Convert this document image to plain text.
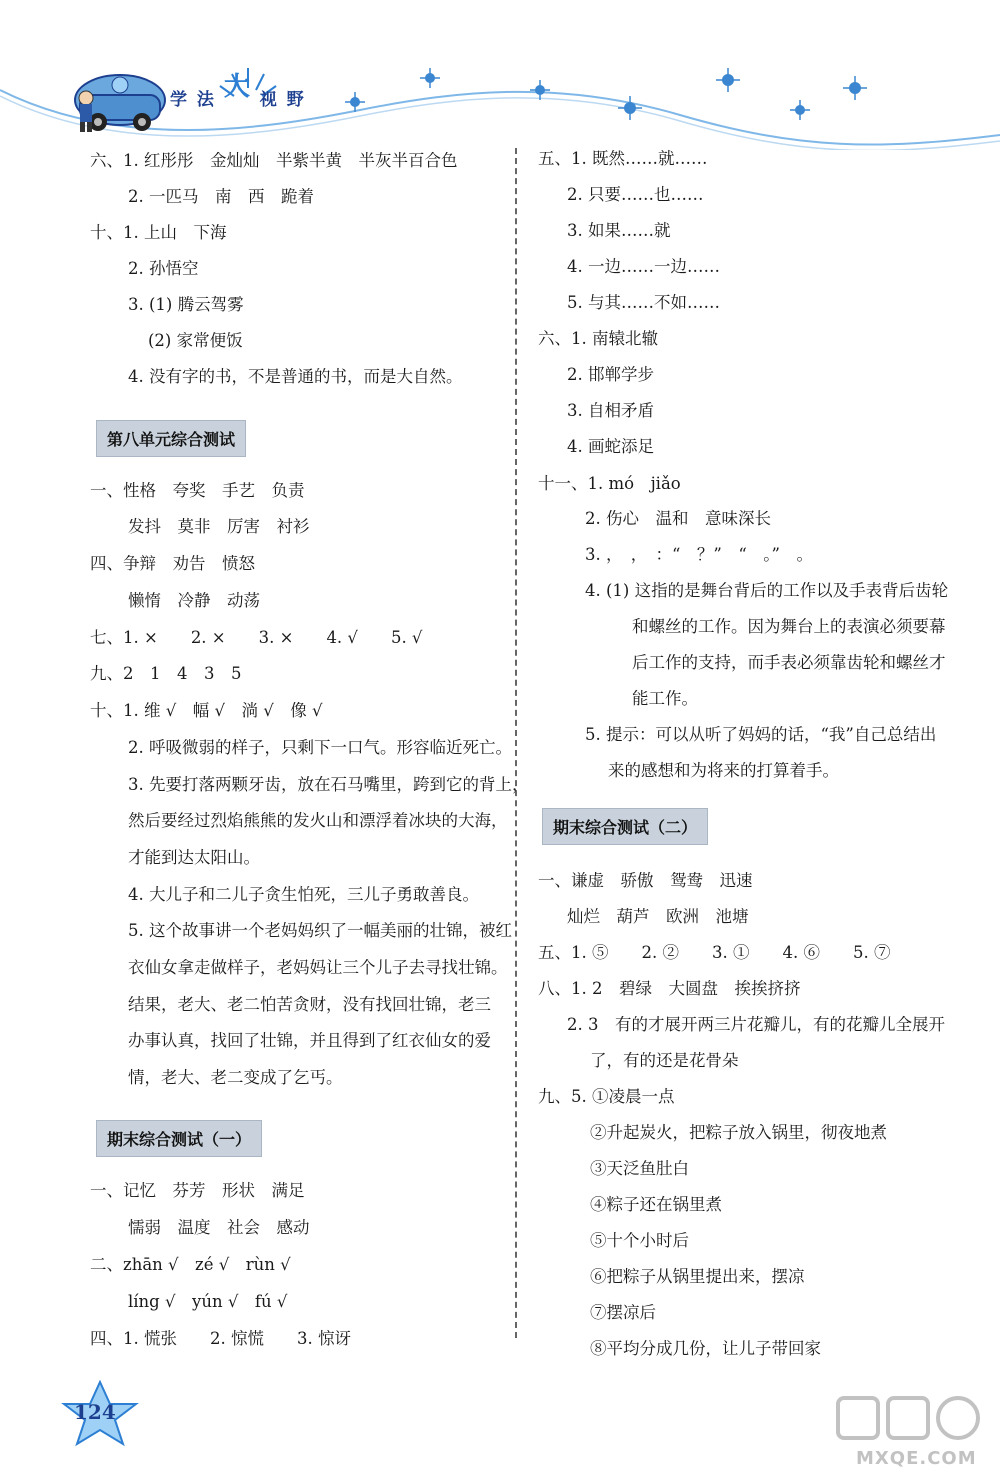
学 法 大 视 野
六、1. 红彤彤　金灿灿　半紫半黄　半灰半百合色
2. 一匹马　南　西　跪着
十、1. 上山　下海
2. 孙悟空
3. (1) 腾云驾雾
(2) 家常便饭
4. 没有字的书，不是普通的书，而是大自然。
第八单元综合测试
一、性格　夸奖　手艺　负责
发抖　莫非　厉害　衬衫
四、争辩　劝告　愤怒
懒惰　冷静　动荡
七、1. ×　　2. ×　　3. ×　　4. √　　5. √
九、2　1　4　3　5
十、1. 维 √　幅 √　淌 √　像 √
2. 呼吸微弱的样子，只剩下一口气。形容临近死亡。
3. 先要打落两颗牙齿，放在石马嘴里，跨到它的背上，
然后要经过烈焰熊熊的发火山和漂浮着冰块的大海，
才能到达太阳山。
4. 大儿子和二儿子贪生怕死，三儿子勇敢善良。
5. 这个故事讲一个老妈妈织了一幅美丽的壮锦，被红
衣仙女拿走做样子，老妈妈让三个儿子去寻找壮锦。
结果，老大、老二怕苦贪财，没有找回壮锦，老三
办事认真，找回了壮锦，并且得到了红衣仙女的爱
情，老大、老二变成了乞丐。
期末综合测试（一）
一、记忆　芬芳　形状　满足
懦弱　温度　社会　感动
二、zhān √　zé √　rùn √
líng √　yún √　fú √
四、1. 慌张　　2. 惊慌　　3. 惊讶
五、1. 既然……就……
2. 只要……也……
3. 如果……就
4. 一边……一边……
5. 与其……不如……
六、1. 南辕北辙
2. 邯郸学步
3. 自相矛盾
4. 画蛇添足
十一、1. mó　jiǎo
2. 伤心　温和　意味深长
3. ，　，　：“　？”　“　。”　。
4. (1) 这指的是舞台背后的工作以及手表背后齿轮
和螺丝的工作。因为舞台上的表演必须要幕
后工作的支持，而手表必须靠齿轮和螺丝才
能工作。
5. 提示：可以从听了妈妈的话，“我”自己总结出
来的感想和为将来的打算着手。
期末综合测试（二）
一、谦虚　骄傲　鸳鸯　迅速
灿烂　葫芦　欧洲　池塘
五、1. ⑤　　2. ②　　3. ①　　4. ⑥　　5. ⑦
八、1. 2　碧绿　大圆盘　挨挨挤挤
2. 3　有的才展开两三片花瓣儿，有的花瓣儿全展开
了，有的还是花骨朵
九、5. ①凌晨一点
②升起炭火，把粽子放入锅里，彻夜地煮
③天泛鱼肚白
④粽子还在锅里煮
⑤十个小时后
⑥把粽子从锅里提出来，摆凉
⑦摆凉后
⑧平均分成几份，让儿子带回家
124
MXQE.COM
